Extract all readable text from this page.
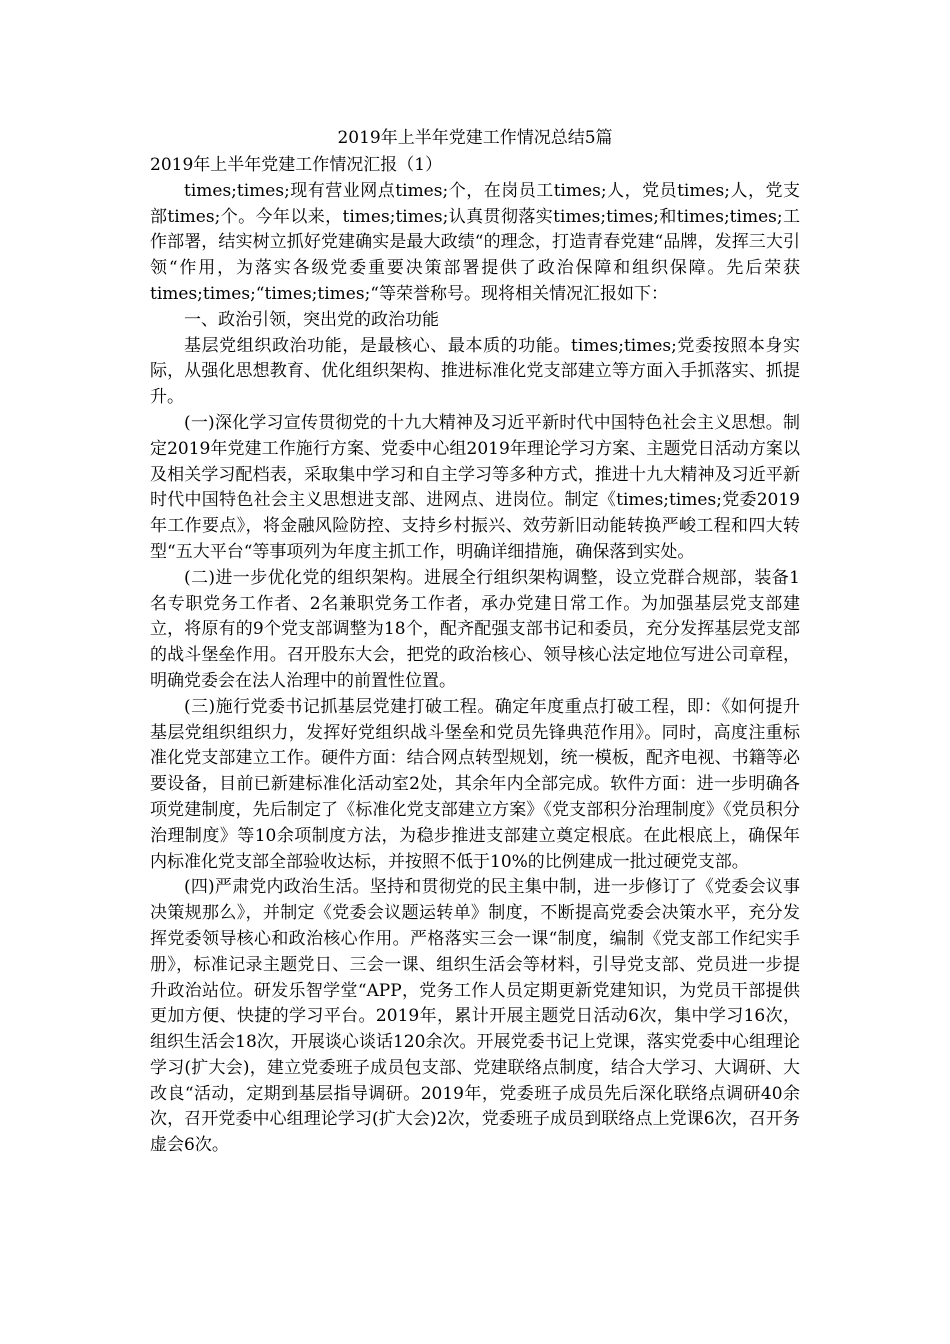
2019年上半年党建工作情况总结5篇
2019年上半年党建工作情况汇报（1）

times;times;现有营业网点times;个，在岗员工times;人，党员times;人，党支部times;个。今年以来，times;times;认真贯彻落实times;times;和times;times;工作部署，结实树立抓好党建确实是最大政绩“的理念，打造青春党建“品牌，发挥三大引领“作用，为落实各级党委重要决策部署提供了政治保障和组织保障。先后荣获times;times;“times;times;“等荣誉称号。现将相关情况汇报如下：

一、政治引领，突出党的政治功能

基层党组织政治功能，是最核心、最本质的功能。times;times;党委按照本身实际，从强化思想教育、优化组织架构、推进标准化党支部建立等方面入手抓落实、抓提升。

(一)深化学习宣传贯彻党的十九大精神及习近平新时代中国特色社会主义思想。制定2019年党建工作施行方案、党委中心组2019年理论学习方案、主题党日活动方案以及相关学习配档表，采取集中学习和自主学习等多种方式，推进十九大精神及习近平新时代中国特色社会主义思想进支部、进网点、进岗位。制定《times;times;党委2019年工作要点》，将金融风险防控、支持乡村振兴、效劳新旧动能转换严峻工程和四大转型“五大平台“等事项列为年度主抓工作，明确详细措施，确保落到实处。

(二)进一步优化党的组织架构。进展全行组织架构调整，设立党群合规部，装备1名专职党务工作者、2名兼职党务工作者，承办党建日常工作。为加强基层党支部建立，将原有的9个党支部调整为18个，配齐配强支部书记和委员，充分发挥基层党支部的战斗堡垒作用。召开股东大会，把党的政治核心、领导核心法定地位写进公司章程，明确党委会在法人治理中的前置性位置。

(三)施行党委书记抓基层党建打破工程。确定年度重点打破工程，即：《如何提升基层党组织组织力，发挥好党组织战斗堡垒和党员先锋典范作用》。同时，高度注重标准化党支部建立工作。硬件方面：结合网点转型规划，统一模板，配齐电视、书籍等必要设备，目前已新建标准化活动室2处，其余年内全部完成。软件方面：进一步明确各项党建制度，先后制定了《标准化党支部建立方案》《党支部积分治理制度》《党员积分治理制度》等10余项制度方法，为稳步推进支部建立奠定根底。在此根底上，确保年内标准化党支部全部验收达标，并按照不低于10%的比例建成一批过硬党支部。

(四)严肃党内政治生活。坚持和贯彻党的民主集中制，进一步修订了《党委会议事决策规那么》，并制定《党委会议题运转单》制度，不断提高党委会决策水平，充分发挥党委领导核心和政治核心作用。严格落实三会一课“制度，编制《党支部工作纪实手册》，标准记录主题党日、三会一课、组织生活会等材料，引导党支部、党员进一步提升政治站位。研发乐智学堂“APP，党务工作人员定期更新党建知识，为党员干部提供更加方便、快捷的学习平台。2019年，累计开展主题党日活动6次，集中学习16次，组织生活会18次，开展谈心谈话120余次。开展党委书记上党课，落实党委中心组理论学习(扩大会)，建立党委班子成员包支部、党建联络点制度，结合大学习、大调研、大改良“活动，定期到基层指导调研。2019年，党委班子成员先后深化联络点调研40余次，召开党委中心组理论学习(扩大会)2次，党委班子成员到联络点上党课6次，召开务虚会6次。
